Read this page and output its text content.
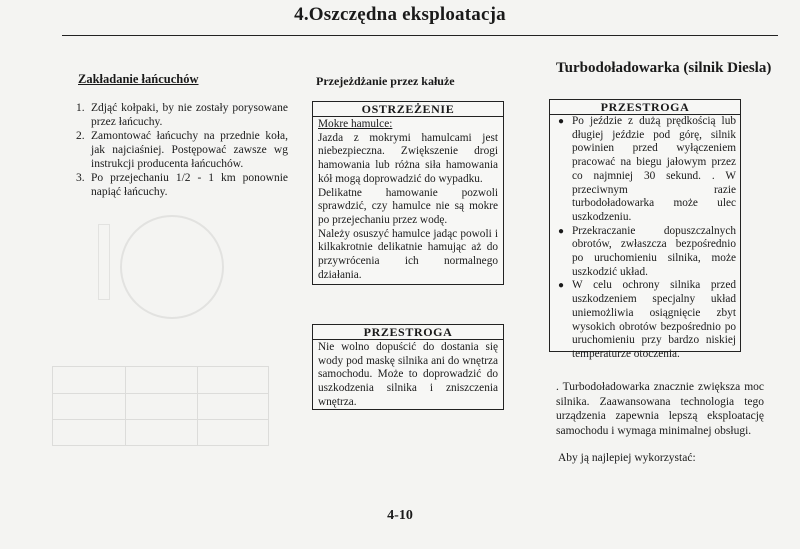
4.Oszczędna eksploatacja
Zakładanie łańcuchów
1. Zdjąć kołpaki, by nie zostały porysowane przez łańcuchy.
2. Zamontować łańcuchy na przednie koła, jak najciaśniej. Postępować zawsze wg instrukcji producenta łańcuchów.
3. Po przejechaniu 1/2 - 1 km ponownie napiąć łańcuchy.
Przejeżdżanie przez kałuże
OSTRZEŻENIE

Mokre hamulce:

Jazda z mokrymi hamulcami jest niebezpieczna. Zwiększenie drogi hamowania lub różna siła hamowania kół mogą doprowadzić do wypadku.

Delikatne hamowanie pozwoli sprawdzić, czy hamulce nie są mokre po przejechaniu przez wodę.

Należy osuszyć hamulce jadąc powoli i kilkakrotnie delikatnie hamując aż do przywrócenia ich normalnego działania.

PRZESTROGA

Nie wolno dopuścić do dostania się wody pod maskę silnika ani do wnętrza samochodu. Może to doprowadzić do uszkodzenia silnika i zniszczenia wnętrza.

Turbodoładowarka (silnik Diesla)
PRZESTROGA
● Po jeździe z dużą prędkością lub długiej jeździe pod górę, silnik powinien przed wyłączeniem pracować na biegu jałowym przez co najmniej 30 sekund. . W przeciwnym razie turbodoładowarka może ulec uszkodzeniu.
● Przekraczanie dopuszczalnych obrotów, zwłaszcza bezpośrednio po uruchomieniu silnika, może uszkodzić układ.
● W celu ochrony silnika przed uszkodzeniem specjalny układ uniemożliwia osiągnięcie zbyt wysokich obrotów bezpośrednio po uruchomieniu przy bardzo niskiej temperaturze otoczenia.
. Turbodoładowarka znacznie zwiększa moc silnika. Zaawansowana technologia tego urządzenia zapewnia lepszą eksploatację samochodu i wymaga minimalnej obsługi.
Aby ją najlepiej wykorzystać:
4-10
